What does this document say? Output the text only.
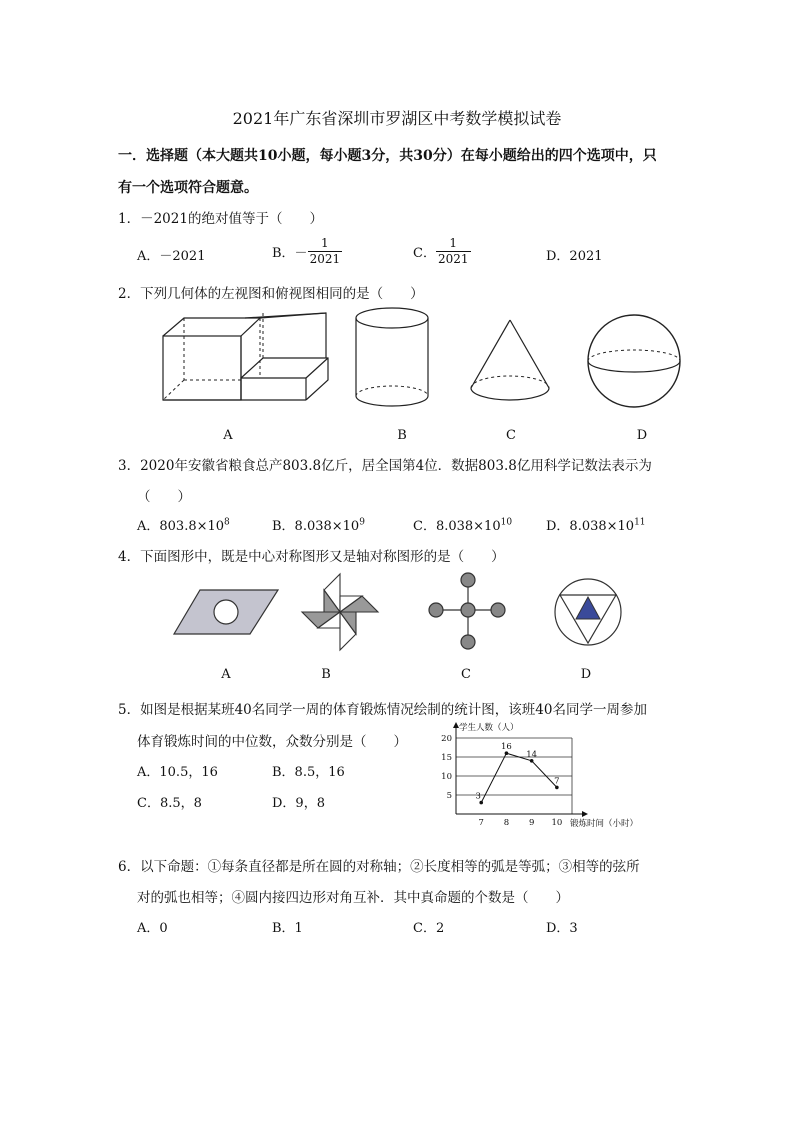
2021年广东省深圳市罗湖区中考数学模拟试卷
一．选择题（本大题共10小题，每小题3分，共30分）在每小题给出的四个选项中，只
有一个选项符合题意。
1．－2021的绝对值等于（　　）
A．－2021	B．－ $\frac{1}{2021}$	C． $\frac{1}{2021}$	D．2021
2．下列几何体的左视图和俯视图相同的是（　　）
A	B	C	D
3．2020年安徽省粮食总产803.8亿斤，居全国第4位．数据803.8亿用科学记数法表示为
（　　）
A．$803.8\times 10^8$	B．$8.038\times 10^9$	C．$8.038\times 10^{10}$	D．$8.038\times 10^{11}$
4．下面图形中，既是中心对称图形又是轴对称图形的是（　　）
A	B	C	D
5．如图是根据某班40名同学一周的体育锻炼情况绘制的统计图，该班40名同学一周参加
体育锻炼时间的中位数，众数分别是（　　）
A．10.5，16	B．8.5，16
C．8.5，8	D．9，8	5
10
15
20
学生人数（人）
锻炼时间（小时）
7 8 9 10
3
16
14
7
6．以下命题：①每条直径都是所在圆的对称轴；②长度相等的弧是等弧；③相等的弦所
对的弧也相等；④圆内接四边形对角互补．其中真命题的个数是（　　）
A．0	B．1	C．2	D．3
